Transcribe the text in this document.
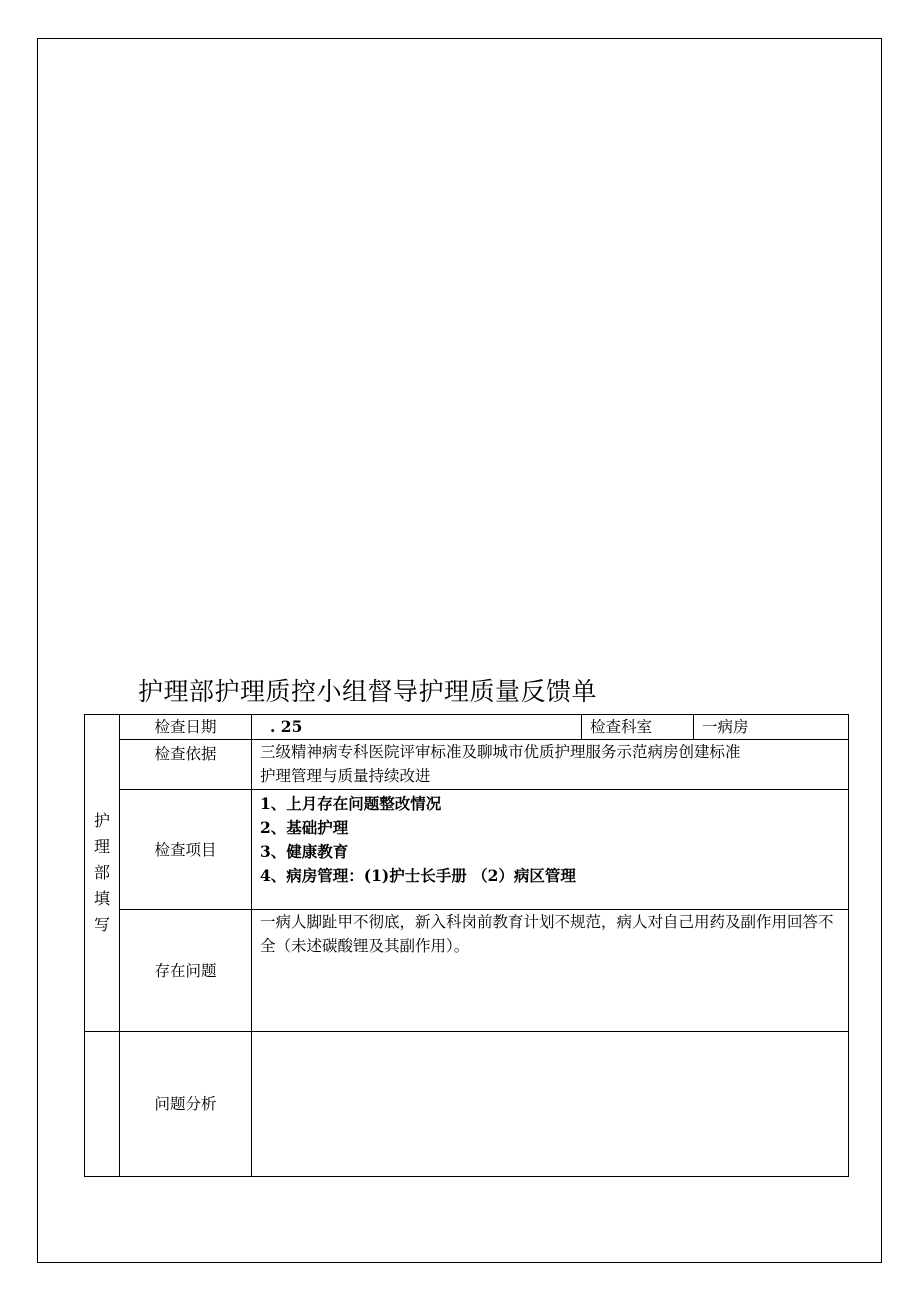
护理部护理质控小组督导护理质量反馈单
护理部填写	检查日期	. 25	检查科室	一病房
	检查依据	三级精神病专科医院评审标准及聊城市优质护理服务示范病房创建标准
护理管理与质量持续改进		

	检查项目	1、上月存在问题整改情况
2、基础护理
3、健康教育
4、病房管理：(1)护士长手册 （2）病区管理		

	存在问题	一病人脚趾甲不彻底，新入科岗前教育计划不规范，病人对自己用药及副作用回答不全（未述碳酸锂及其副作用）。		
	问题分析			
